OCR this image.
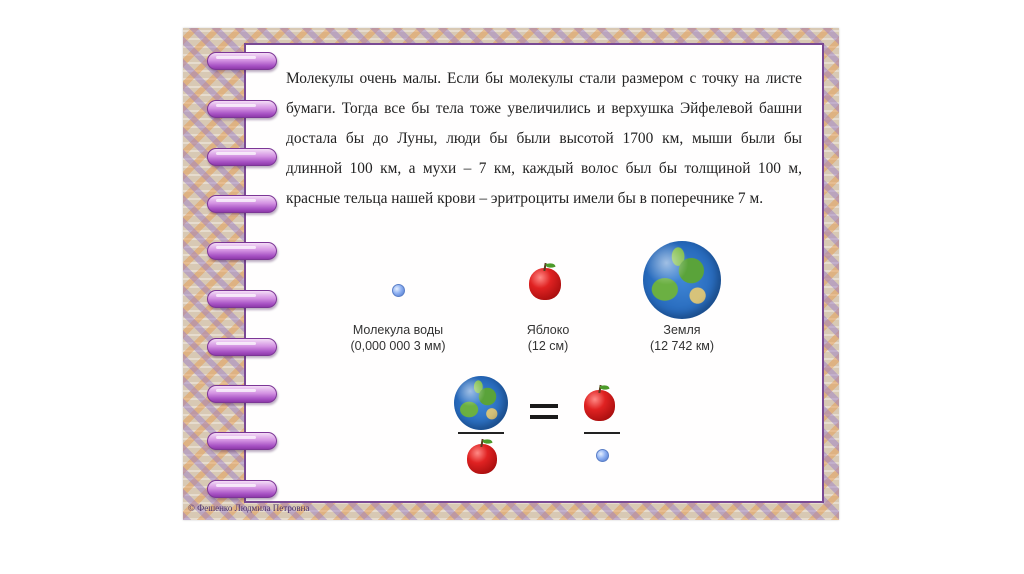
Молекулы очень малы. Если бы молекулы стали размером с точку на листе бумаги. Тогда все бы тела тоже увеличились и верхушка Эйфелевой башни достала бы до Луны, люди бы были высотой 1700 км, мыши были бы длинной 100 км, а мухи – 7 км, каждый волос был бы толщиной 100 м, красные тельца нашей крови – эритроциты имели бы в поперечнике 7 м.

Молекула воды
(0,000 000 3 мм)
Яблоко
(12 см)
Земля
(12 742 км)
© Фешенко Людмила Петровна
